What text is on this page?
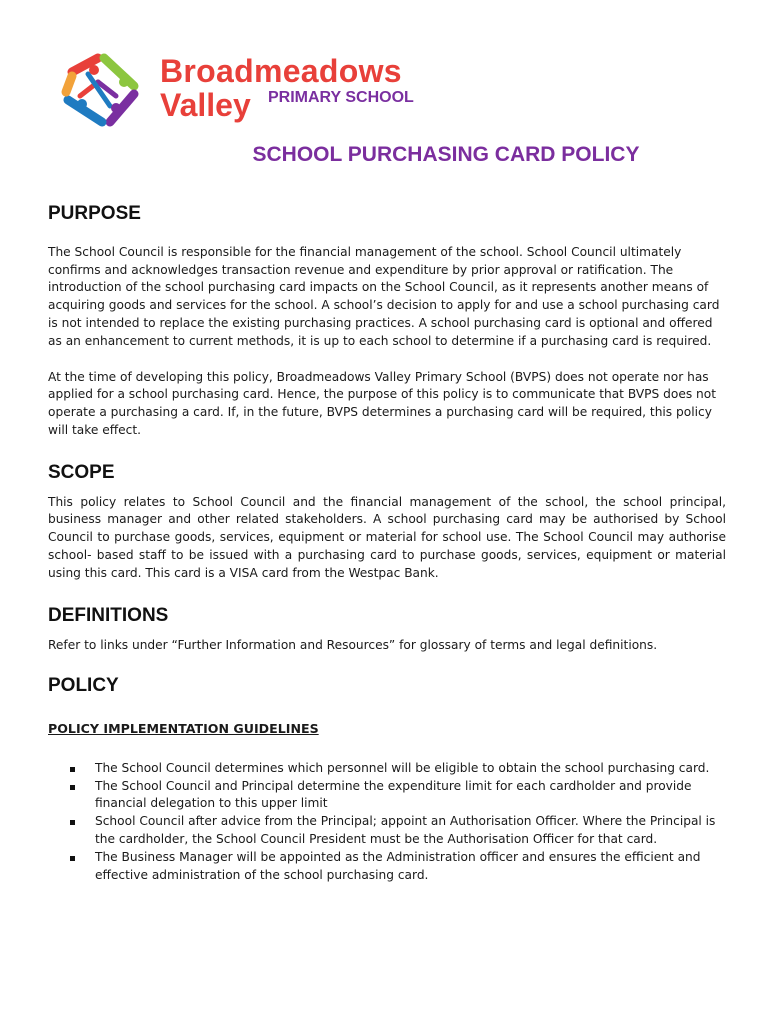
Broadmeadows
Valley PRIMARY SCHOOL
SCHOOL PURCHASING CARD POLICY
PURPOSE

The School Council is responsible for the financial management of the school. School Council ultimately confirms and acknowledges transaction revenue and expenditure by prior approval or ratification. The introduction of the school purchasing card impacts on the School Council, as it represents another means of acquiring goods and services for the school. A school’s decision to apply for and use a school purchasing card is not intended to replace the existing purchasing practices. A school purchasing card is optional and offered as an enhancement to current methods, it is up to each school to determine if a purchasing card is required.

At the time of developing this policy, Broadmeadows Valley Primary School (BVPS) does not operate nor has applied for a school purchasing card. Hence, the purpose of this policy is to communicate that BVPS does not operate a purchasing a card. If, in the future, BVPS determines a purchasing card will be required, this policy will take effect.

SCOPE

This policy relates to School Council and the financial management of the school, the school principal, business manager and other related stakeholders. A school purchasing card may be authorised by School Council to purchase goods, services, equipment or material for school use. The School Council may authorise school- based staff to be issued with a purchasing card to purchase goods, services, equipment or material using this card. This card is a VISA card from the Westpac Bank.

DEFINITIONS

Refer to links under “Further Information and Resources” for glossary of terms and legal definitions.

POLICY
POLICY IMPLEMENTATION GUIDELINES
The School Council determines which personnel will be eligible to obtain the school purchasing card.
The School Council and Principal determine the expenditure limit for each cardholder and provide financial delegation to this upper limit
School Council after advice from the Principal; appoint an Authorisation Officer. Where the Principal is the cardholder, the School Council President must be the Authorisation Officer for that card.
The Business Manager will be appointed as the Administration officer and ensures the efficient and effective administration of the school purchasing card.
